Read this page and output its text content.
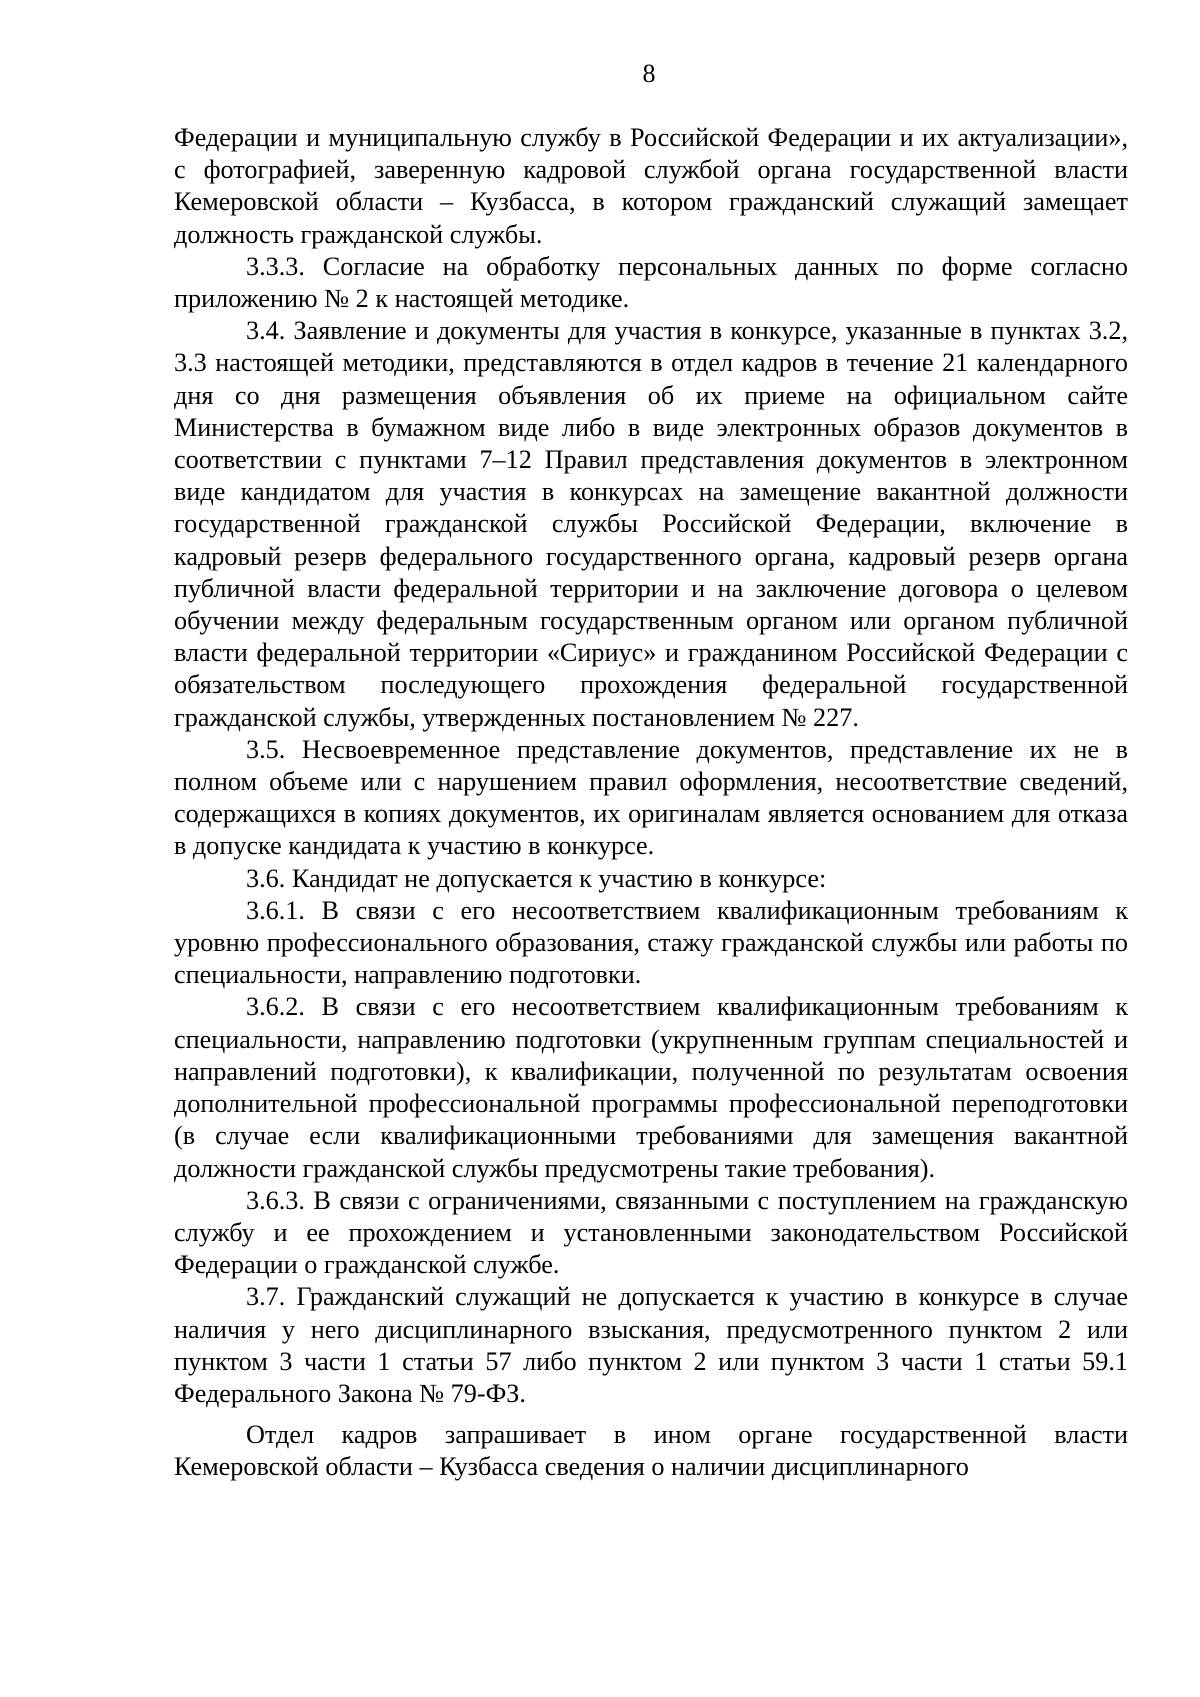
8

Федерации и муниципальную службу в Российской Федерации и их актуализации», с фотографией, заверенную кадровой службой органа государственной власти Кемеровской области – Кузбасса, в котором гражданский служащий замещает должность гражданской службы.

3.3.3. Согласие на обработку персональных данных по форме согласно приложению № 2 к настоящей методике.

3.4. Заявление и документы для участия в конкурсе, указанные в пунктах 3.2, 3.3 настоящей методики, представляются в отдел кадров в течение 21 календарного дня со дня размещения объявления об их приеме на официальном сайте Министерства в бумажном виде либо в виде электронных образов документов в соответствии с пунктами 7–12 Правил представления документов в электронном виде кандидатом для участия в конкурсах на замещение вакантной должности государственной гражданской службы Российской Федерации, включение в кадровый резерв федерального государственного органа, кадровый резерв органа публичной власти федеральной территории и на заключение договора о целевом обучении между федеральным государственным органом или органом публичной власти федеральной территории «Сириус» и гражданином Российской Федерации с обязательством последующего прохождения федеральной государственной гражданской службы, утвержденных постановлением № 227.

3.5. Несвоевременное представление документов, представление их не в полном объеме или с нарушением правил оформления, несоответствие сведений, содержащихся в копиях документов, их оригиналам является основанием для отказа в допуске кандидата к участию в конкурсе.

3.6. Кандидат не допускается к участию в конкурсе:

3.6.1. В связи с его несоответствием квалификационным требованиям к уровню профессионального образования, стажу гражданской службы или работы по специальности, направлению подготовки.

3.6.2. В связи с его несоответствием квалификационным требованиям к специальности, направлению подготовки (укрупненным группам специальностей и направлений подготовки), к квалификации, полученной по результатам освоения дополнительной профессиональной программы профессиональной переподготовки (в случае если квалификационными требованиями для замещения вакантной должности гражданской службы предусмотрены такие требования).

3.6.3. В связи с ограничениями, связанными с поступлением на гражданскую службу и ее прохождением и установленными законодательством Российской Федерации о гражданской службе.

3.7. Гражданский служащий не допускается к участию в конкурсе в случае наличия у него дисциплинарного взыскания, предусмотренного пунктом 2 или пунктом 3 части 1 статьи 57 либо пунктом 2 или пунктом 3 части 1 статьи 59.1 Федерального Закона № 79-ФЗ.

Отдел кадров запрашивает в ином органе государственной власти Кемеровской области – Кузбасса сведения о наличии дисциплинарного
